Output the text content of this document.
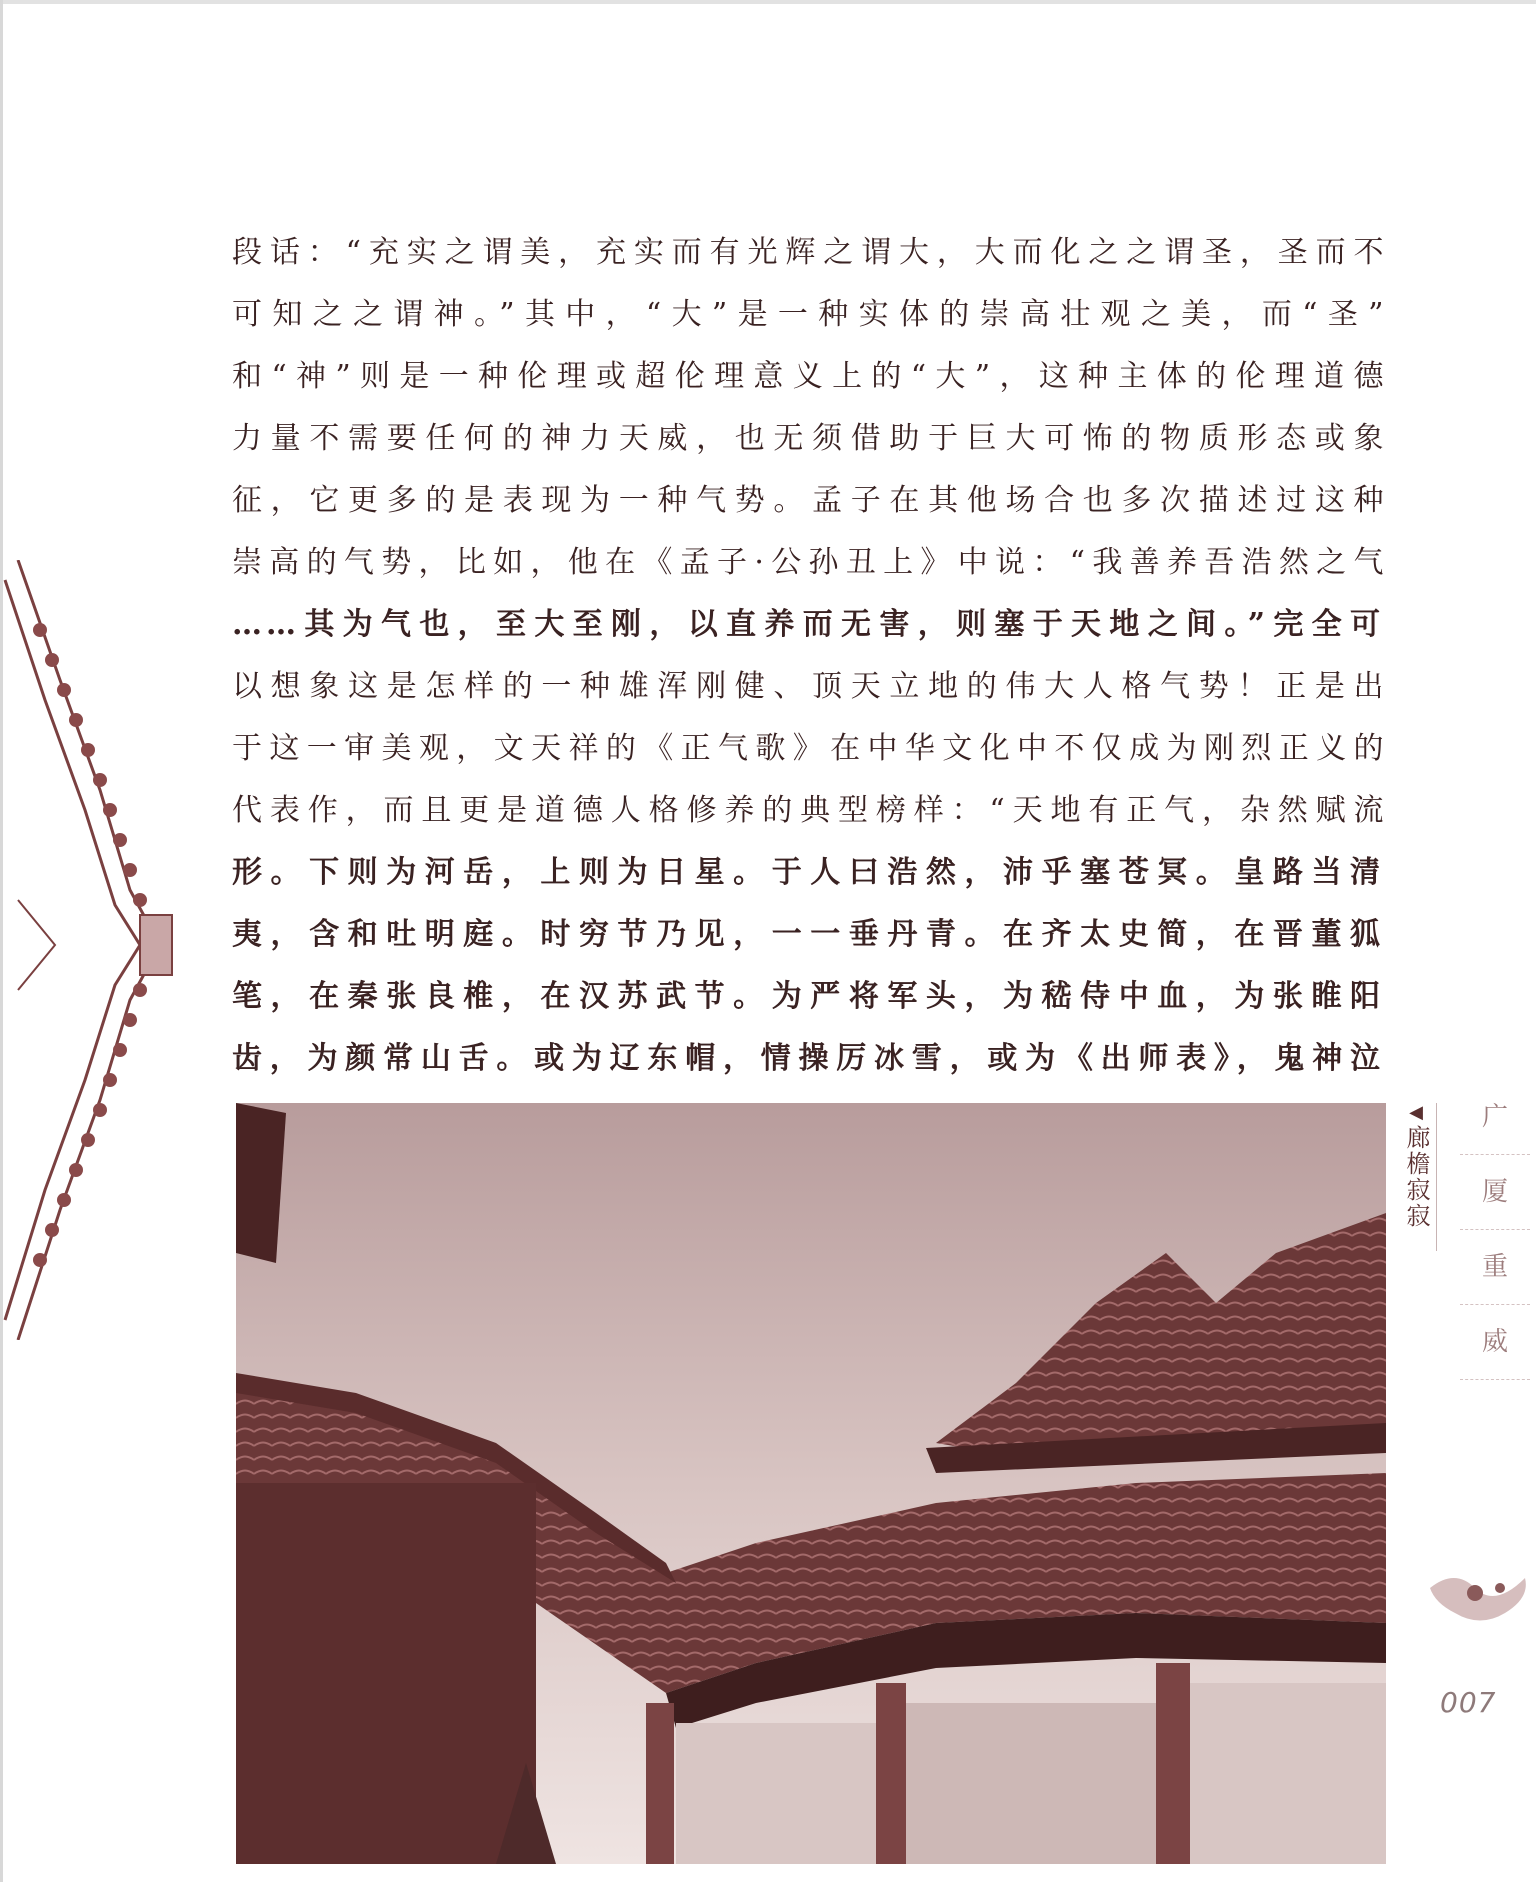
段话：“充实之谓美，充实而有光辉之谓大，大而化之之谓圣，圣而不
可知之之谓神。”其中，“大”是一种实体的崇高壮观之美，而“圣”
和“神”则是一种伦理或超伦理意义上的“大”，这种主体的伦理道德
力量不需要任何的神力天威，也无须借助于巨大可怖的物质形态或象
征，它更多的是表现为一种气势。孟子在其他场合也多次描述过这种
崇高的气势，比如，他在《孟子·公孙丑上》中说：“我善养吾浩然之气
……其为气也，至大至刚，以直养而无害，则塞于天地之间。”完全可
以想象这是怎样的一种雄浑刚健、顶天立地的伟大人格气势！正是出
于这一审美观，文天祥的《正气歌》在中华文化中不仅成为刚烈正义的
代表作，而且更是道德人格修养的典型榜样：“天地有正气，杂然赋流
形。下则为河岳，上则为日星。于人曰浩然，沛乎塞苍冥。皇路当清
夷，含和吐明庭。时穷节乃见，一一垂丹青。在齐太史简，在晋董狐
笔，在秦张良椎，在汉苏武节。为严将军头，为嵇侍中血，为张睢阳
齿，为颜常山舌。或为辽东帽，情操厉冰雪，或为《出师表》，鬼神泣
◀
廊檐寂寂
广
厦
重
威
007
